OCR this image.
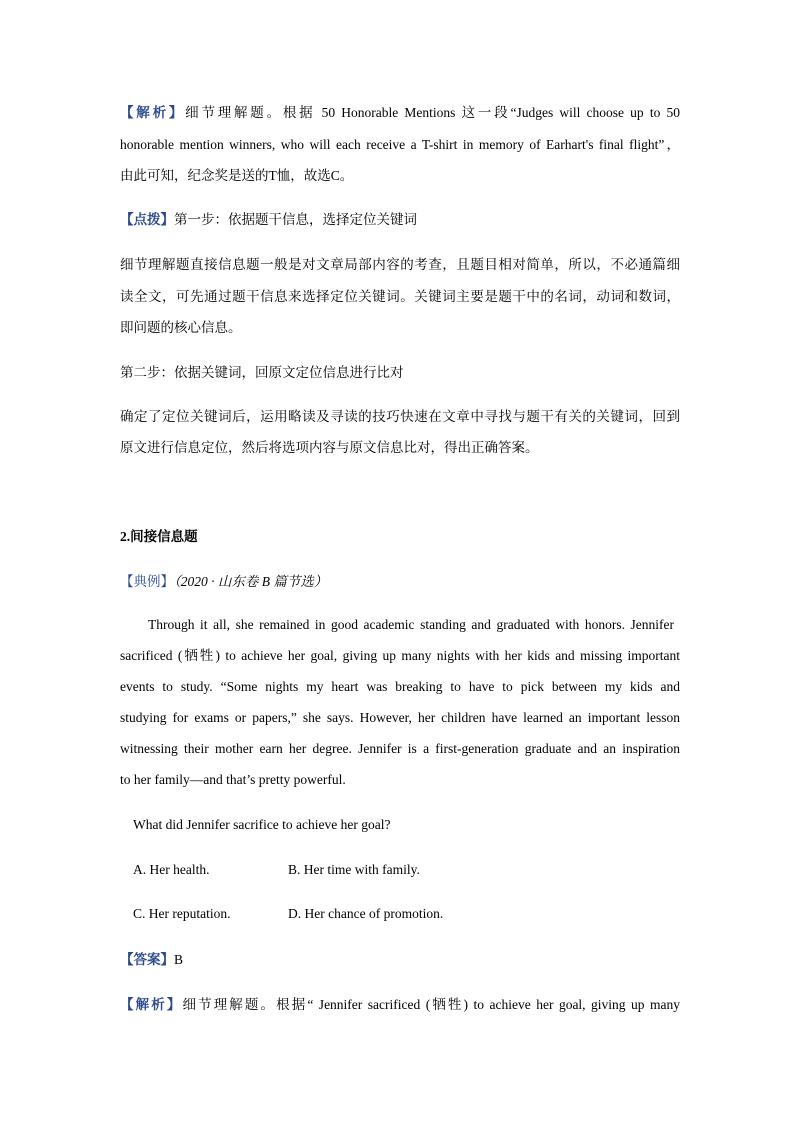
【解析】细节理解题。根据 50 Honorable Mentions 这一段“Judges will choose up to 50
honorable mention winners, who will each receive a T-shirt in memory of Earhart's final flight”，
由此可知，纪念奖是送的T恤，故选C。
【点拨】第一步：依据题干信息，选择定位关键词
细节理解题直接信息题一般是对文章局部内容的考查，且题目相对简单，所以，不必通篇细
读全文，可先通过题干信息来选择定位关键词。关键词主要是题干中的名词，动词和数词，
即问题的核心信息。
第二步：依据关键词，回原文定位信息进行比对
确定了定位关键词后，运用略读及寻读的技巧快速在文章中寻找与题干有关的关键词，回到
原文进行信息定位，然后将选项内容与原文信息比对，得出正确答案。
2.间接信息题
【典例】（2020 · 山东卷 B 篇节选）
Through it all, she remained in good academic standing and graduated with honors. Jennifer
sacrificed (牺牲) to achieve her goal, giving up many nights with her kids and missing important
events to study. “Some nights my heart was breaking to have to pick between my kids and
studying for exams or papers,” she says. However, her children have learned an important lesson
witnessing their mother earn her degree. Jennifer is a first-generation graduate and an inspiration
to her family—and that’s pretty powerful.
What did Jennifer sacrifice to achieve her goal?
A. Her health.	B. Her time with family.
C. Her reputation.	D. Her chance of promotion.
【答案】B
【解析】细节理解题。根据“ Jennifer sacrificed (牺牲) to achieve her goal, giving up many
